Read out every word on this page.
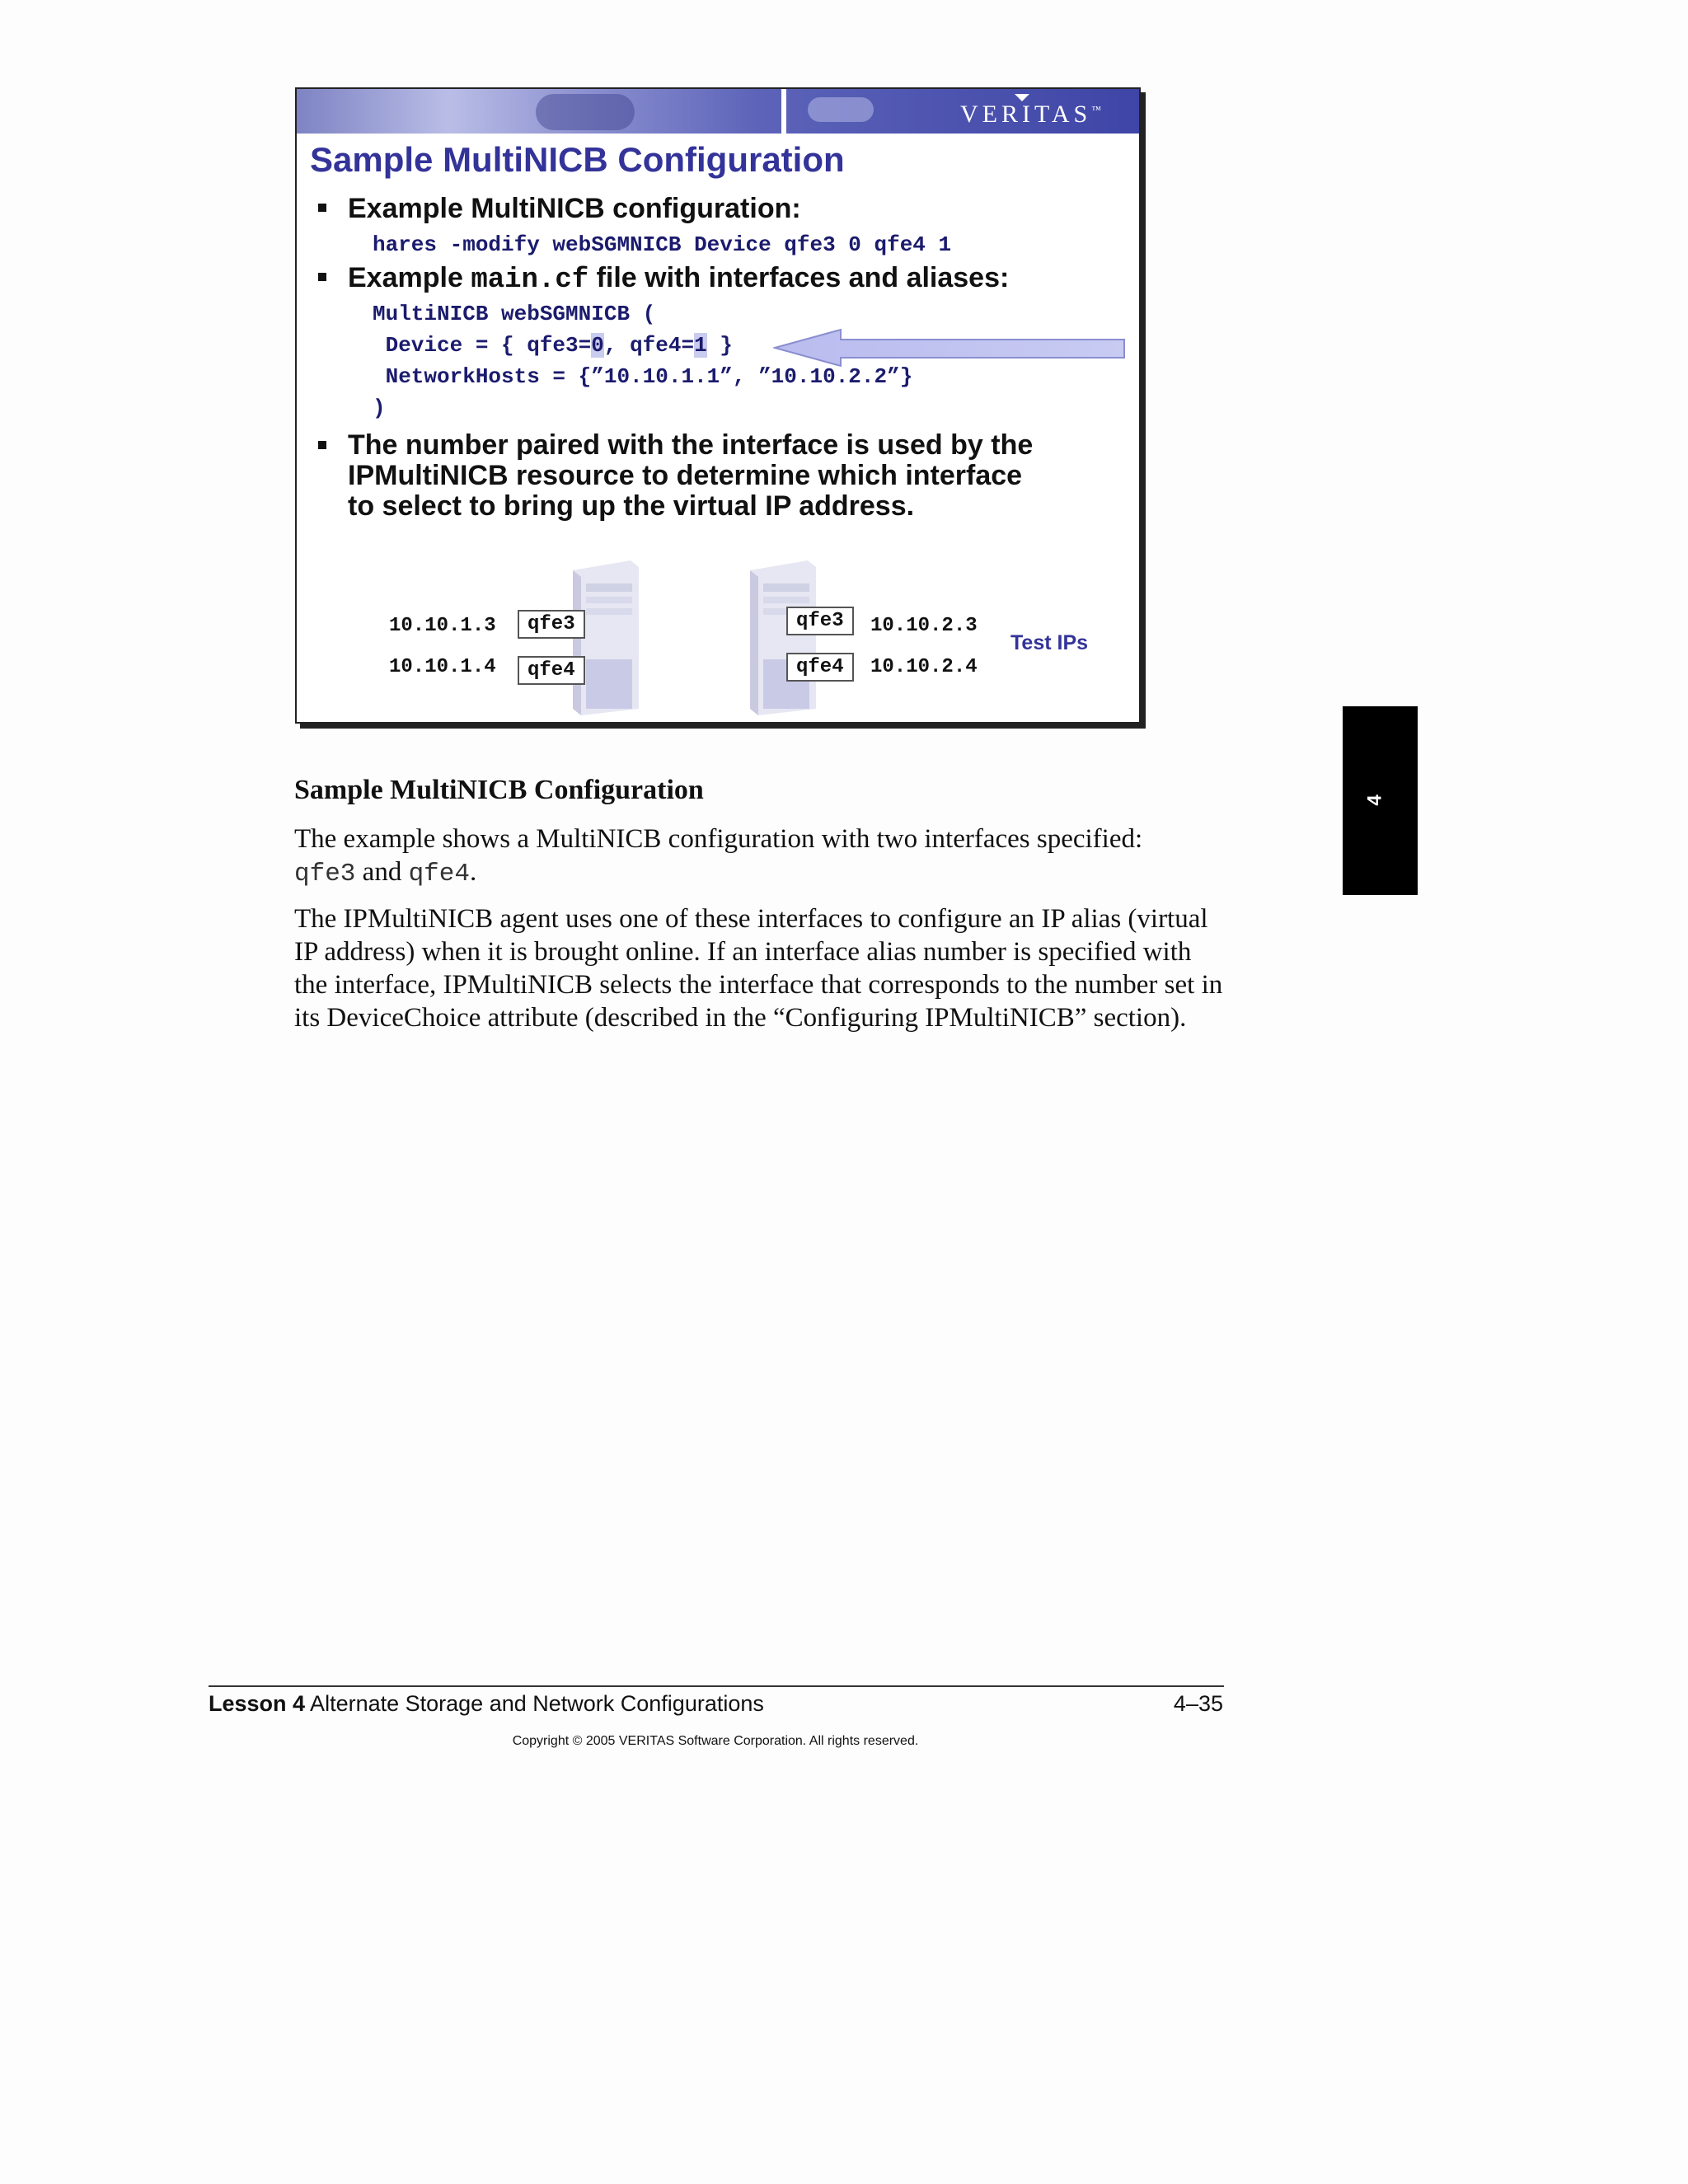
VERITAS™
Sample MultiNICB Configuration
Example MultiNICB configuration:
hares -modify webSGMNICB Device qfe3 0 qfe4 1
Example main.cf file with interfaces and aliases:
MultiNICB webSGMNICB (
Device = { qfe3=0, qfe4=1 }
NetworkHosts = {”10.10.1.1”, ”10.10.2.2”}
)
The number paired with the interface is used by the
IPMultiNICB resource to determine which interface
to select to bring up the virtual IP address.
10.10.1.3
10.10.1.4
qfe3
qfe4
qfe3
qfe4
10.10.2.3
10.10.2.4
Test IPs
Sample MultiNICB Configuration
The example shows a MultiNICB configuration with two interfaces specified:
qfe3 and qfe4.
The IPMultiNICB agent uses one of these interfaces to configure an IP alias (virtual IP address) when it is brought online. If an interface alias number is specified with the interface, IPMultiNICB selects the interface that corresponds to the number set in its DeviceChoice attribute (described in the “Configuring IPMultiNICB” section).
4
Lesson 4 Alternate Storage and Network Configurations	4–35
Copyright © 2005 VERITAS Software Corporation. All rights reserved.
